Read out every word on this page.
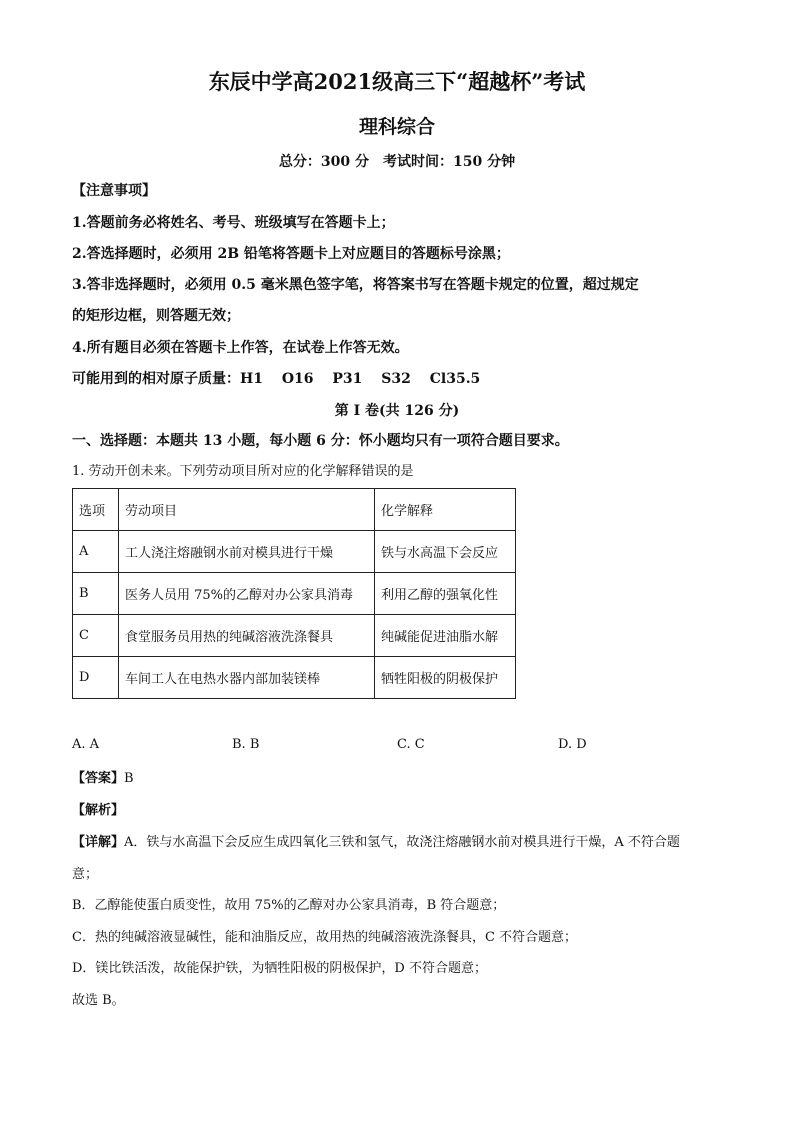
东辰中学高2021级高三下“超越杯”考试
理科综合
总分：300 分　考试时间：150 分钟
【注意事项】
1.答题前务必将姓名、考号、班级填写在答题卡上；
2.答选择题时，必须用 2B 铅笔将答题卡上对应题目的答题标号涂黑；
3.答非选择题时，必须用 0.5 毫米黑色签字笔，将答案书写在答题卡规定的位置，超过规定
的矩形边框，则答题无效；
4.所有题目必须在答题卡上作答，在试卷上作答无效。
可能用到的相对原子质量：H1　 O16　 P31　 S32　 Cl35.5
第 I 卷(共 126 分)
一、选择题：本题共 13 小题，每小题 6 分：怀小题均只有一项符合题目要求。
1. 劳动开创未来。下列劳动项目所对应的化学解释错误的是
选项	劳动项目	化学解释
A	工人浇注熔融钢水前对模具进行干燥	铁与水高温下会反应
B	医务人员用 75%的乙醇对办公家具消毒	利用乙醇的强氧化性
C	食堂服务员用热的纯碱溶液洗涤餐具	纯碱能促进油脂水解
D	车间工人在电热水器内部加装镁棒	牺牲阳极的阴极保护
A. A	B. B	C. C	D. D
【答案】B
【解析】
【详解】A．铁与水高温下会反应生成四氧化三铁和氢气，故浇注熔融钢水前对模具进行干燥，A 不符合题
意；
B．乙醇能使蛋白质变性，故用 75%的乙醇对办公家具消毒，B 符合题意；
C．热的纯碱溶液显碱性，能和油脂反应，故用热的纯碱溶液洗涤餐具，C 不符合题意；
D．镁比铁活泼，故能保护铁，为牺牲阳极的阴极保护，D 不符合题意；
故选 B。
